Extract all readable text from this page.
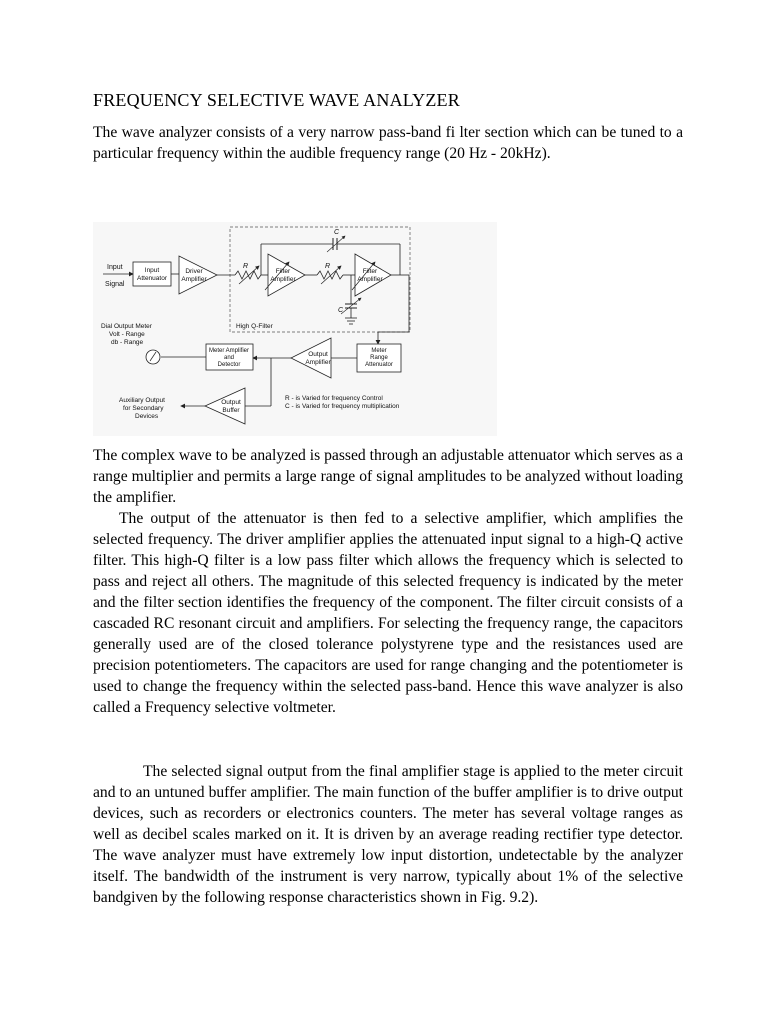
FREQUENCY SELECTIVE WAVE ANALYZER

The wave analyzer consists of a very narrow pass-band fi lter section which can be tuned to a particular frequency within the audible frequency range (20 Hz - 20kHz).

Input
Signal
Input
Attenuator
Driver
Amplifier
High Q-Filter
R
Filter
Amplifier
R
Filter
Amplifier
C
C
Meter
Range
Attenuator
Output
Amplifier
Meter Amplifier
and
Detector
Dial Output Meter
Volt - Range
db - Range
Output
Buffer
Auxiliary Output
for Secondary
Devices
R - is Varied for frequency Control
C - is Varied for frequency multiplication

The complex wave to be analyzed is passed through an adjustable attenuator which serves as a range multiplier and permits a large range of signal amplitudes to be analyzed without loading the amplifier.

The output of the attenuator is then fed to a selective amplifier, which amplifies the selected frequency. The driver amplifier applies the attenuated input signal to a high-Q active filter. This high-Q filter is a low pass filter which allows the frequency which is selected to pass and reject all others. The magnitude of this selected frequency is indicated by the meter and the filter section identifies the frequency of the component. The filter circuit consists of a cascaded RC resonant circuit and amplifiers. For selecting the frequency range, the capacitors generally used are of the closed tolerance polystyrene type and the resistances used are precision potentiometers. The capacitors are used for range changing and the potentiometer is used to change the frequency within the selected pass-band. Hence this wave analyzer is also called a Frequency selective voltmeter.

The selected signal output from the final amplifier stage is applied to the meter circuit and to an untuned buffer amplifier. The main function of the buffer amplifier is to drive output devices, such as recorders or electronics counters. The meter has several voltage ranges as well as decibel scales marked on it. It is driven by an average reading rectifier type detector. The wave analyzer must have extremely low input distortion, undetectable by the analyzer itself. The bandwidth of the instrument is very narrow, typically about 1% of the selective bandgiven by the following response characteristics shown in Fig. 9.2).
